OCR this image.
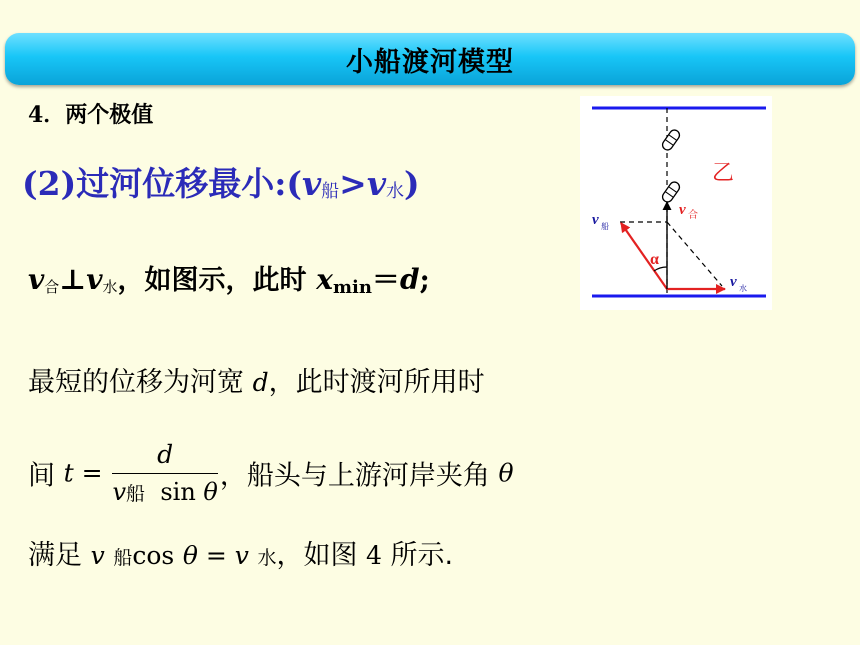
小船渡河模型
4．两个极值
(2)过河位移最小:(v船>v水)
$v_合\perp v_水$，如图示，此时 xmin＝d;
最短的位移为河宽 d，此时渡河所用时
间 $t = \frac{d}{\text{v船 sin θ}}$ ，船头与上游河岸夹角 θ
满足 v 船cos θ = v 水，如图 4 所示.
乙
v 船
v 合
α
v 水
